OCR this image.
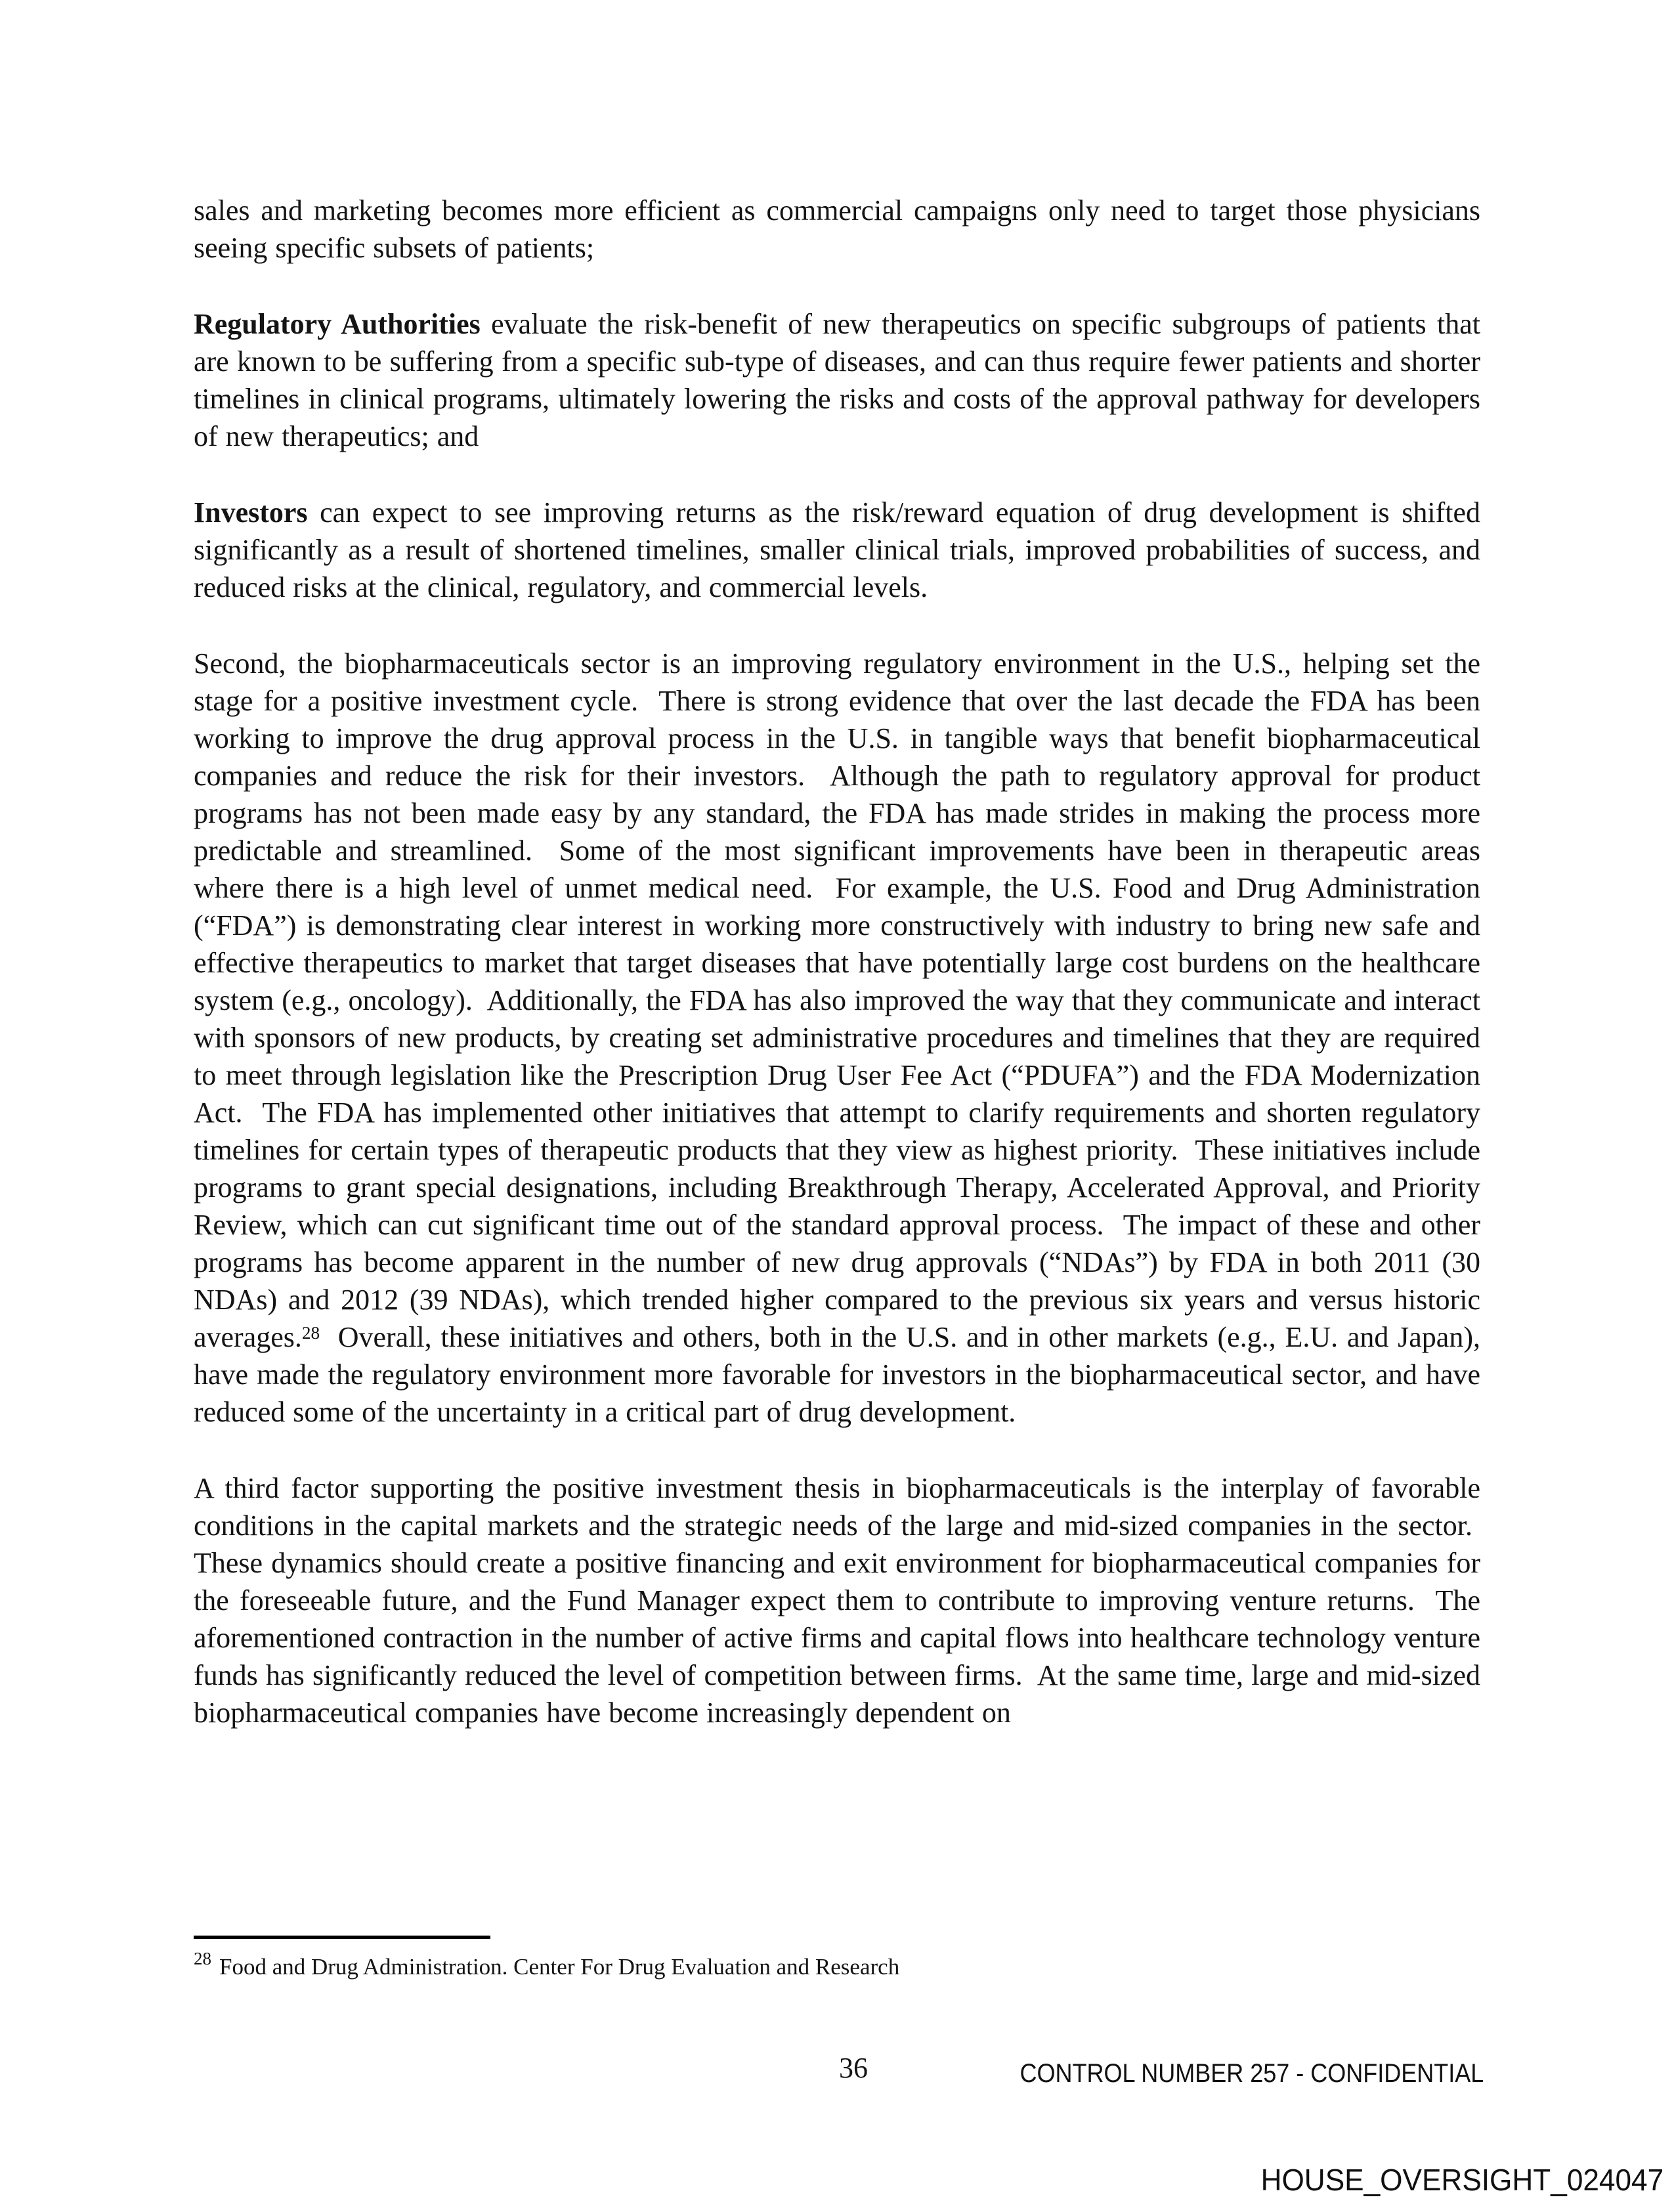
sales and marketing becomes more efficient as commercial campaigns only need to target those physicians seeing specific subsets of patients;

Regulatory Authorities evaluate the risk-benefit of new therapeutics on specific subgroups of patients that are known to be suffering from a specific sub-type of diseases, and can thus require fewer patients and shorter timelines in clinical programs, ultimately lowering the risks and costs of the approval pathway for developers of new therapeutics; and

Investors can expect to see improving returns as the risk/reward equation of drug development is shifted significantly as a result of shortened timelines, smaller clinical trials, improved probabilities of success, and reduced risks at the clinical, regulatory, and commercial levels.

Second, the biopharmaceuticals sector is an improving regulatory environment in the U.S., helping set the stage for a positive investment cycle.  There is strong evidence that over the last decade the FDA has been working to improve the drug approval process in the U.S. in tangible ways that benefit biopharmaceutical companies and reduce the risk for their investors.  Although the path to regulatory approval for product programs has not been made easy by any standard, the FDA has made strides in making the process more predictable and streamlined.  Some of the most significant improvements have been in therapeutic areas where there is a high level of unmet medical need.  For example, the U.S. Food and Drug Administration (“FDA”) is demonstrating clear interest in working more constructively with industry to bring new safe and effective therapeutics to market that target diseases that have potentially large cost burdens on the healthcare system (e.g., oncology).  Additionally, the FDA has also improved the way that they communicate and interact with sponsors of new products, by creating set administrative procedures and timelines that they are required to meet through legislation like the Prescription Drug User Fee Act (“PDUFA”) and the FDA Modernization Act.  The FDA has implemented other initiatives that attempt to clarify requirements and shorten regulatory timelines for certain types of therapeutic products that they view as highest priority.  These initiatives include programs to grant special designations, including Breakthrough Therapy, Accelerated Approval, and Priority Review, which can cut significant time out of the standard approval process.  The impact of these and other programs has become apparent in the number of new drug approvals (“NDAs”) by FDA in both 2011 (30 NDAs) and 2012 (39 NDAs), which trended higher compared to the previous six years and versus historic averages.$^{28}$  Overall, these initiatives and others, both in the U.S. and in other markets (e.g., E.U. and Japan), have made the regulatory environment more favorable for investors in the biopharmaceutical sector, and have reduced some of the uncertainty in a critical part of drug development.

A third factor supporting the positive investment thesis in biopharmaceuticals is the interplay of favorable conditions in the capital markets and the strategic needs of the large and mid-sized companies in the sector.  These dynamics should create a positive financing and exit environment for biopharmaceutical companies for the foreseeable future, and the Fund Manager expect them to contribute to improving venture returns.  The aforementioned contraction in the number of active firms and capital flows into healthcare technology venture funds has significantly reduced the level of competition between firms.  At the same time, large and mid-sized biopharmaceutical companies have become increasingly dependent on

$^{28}$ Food and Drug Administration. Center For Drug Evaluation and Research
36	CONTROL NUMBER 257 - CONFIDENTIAL
HOUSE_OVERSIGHT_024047
